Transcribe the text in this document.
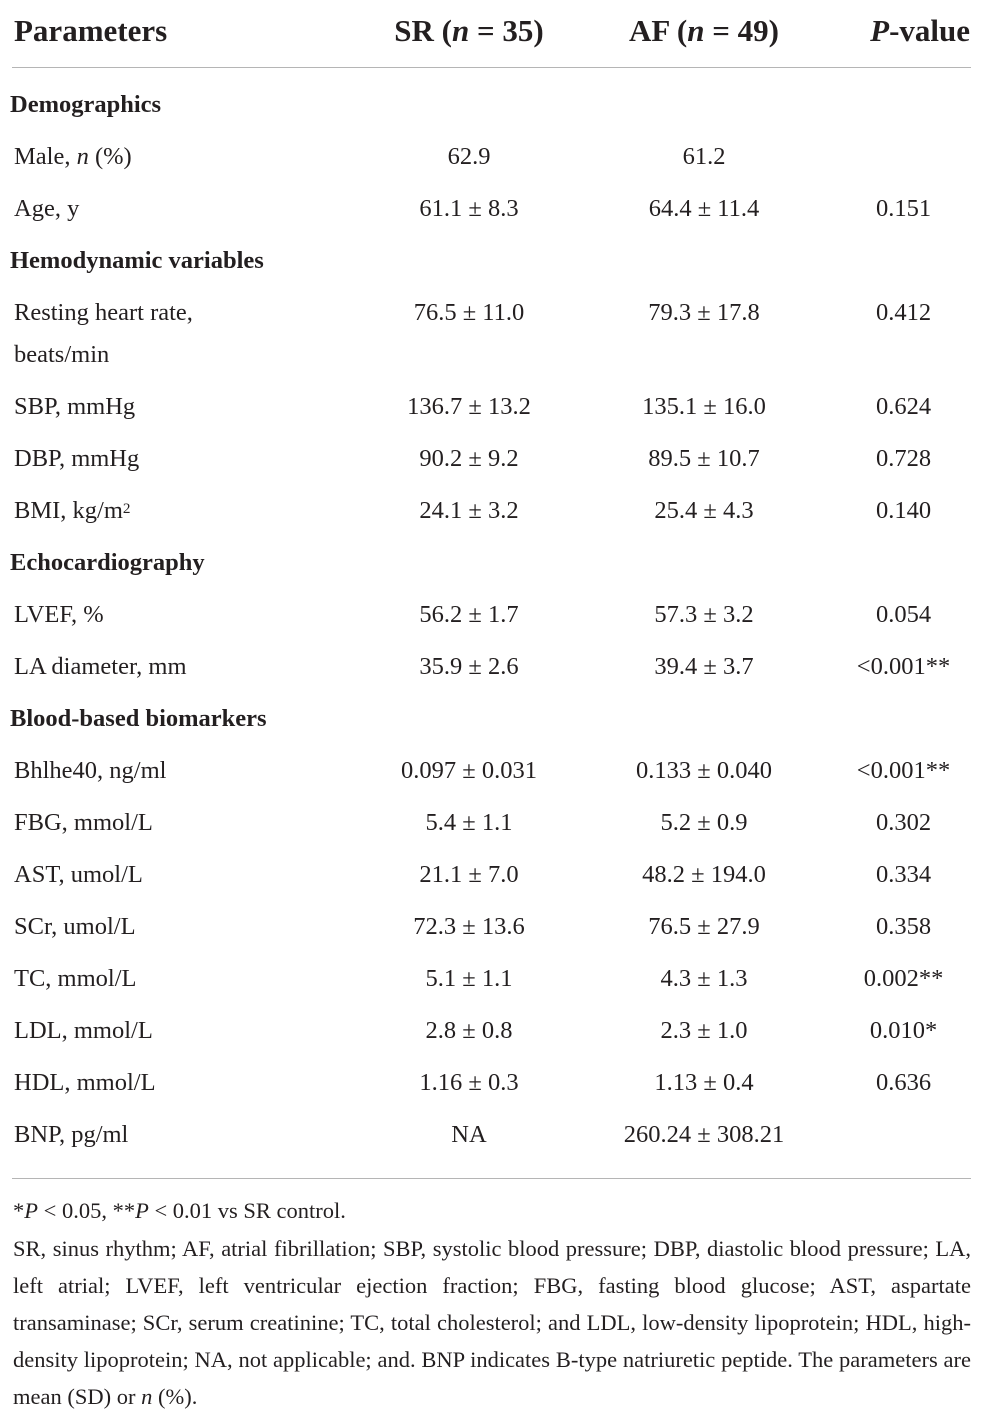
Parameters	SR (n = 35)	AF (n = 49)	P-value

Demographics			
Male, n (%)	62.9	61.2	
Age, y	61.1 ± 8.3	64.4 ± 11.4	0.151
Hemodynamic variables			
Resting heart rate, beats/min	76.5 ± 11.0	79.3 ± 17.8	0.412
SBP, mmHg	136.7 ± 13.2	135.1 ± 16.0	0.624
DBP, mmHg	90.2 ± 9.2	89.5 ± 10.7	0.728
BMI, $kg/m^2$	24.1 ± 3.2	25.4 ± 4.3	0.140
Echocardiography			
LVEF, %	56.2 ± 1.7	57.3 ± 3.2	0.054
LA diameter, mm	35.9 ± 2.6	39.4 ± 3.7	<0.001**
Blood-based biomarkers			
Bhlhe40, ng/ml	0.097 ± 0.031	0.133 ± 0.040	<0.001**
FBG, mmol/L	5.4 ± 1.1	5.2 ± 0.9	0.302
AST, umol/L	21.1 ± 7.0	48.2 ± 194.0	0.334
SCr, umol/L	72.3 ± 13.6	76.5 ± 27.9	0.358
TC, mmol/L	5.1 ± 1.1	4.3 ± 1.3	0.002**
LDL, mmol/L	2.8 ± 0.8	2.3 ± 1.0	0.010*
HDL, mmol/L	1.16 ± 0.3	1.13 ± 0.4	0.636
BNP, pg/ml	NA	260.24 ± 308.21	
*P < 0.05, **P < 0.01 vs SR control.
SR, sinus rhythm; AF, atrial fibrillation; SBP, systolic blood pressure; DBP, diastolic blood pressure; LA, left atrial; LVEF, left ventricular ejection fraction; FBG, fasting blood glucose; AST, aspartate transaminase; SCr, serum creatinine; TC, total cholesterol; and LDL, low-density lipoprotein; HDL, high-density lipoprotein; NA, not applicable; and. BNP indicates B-type natriuretic peptide. The parameters are mean (SD) or n (%).
